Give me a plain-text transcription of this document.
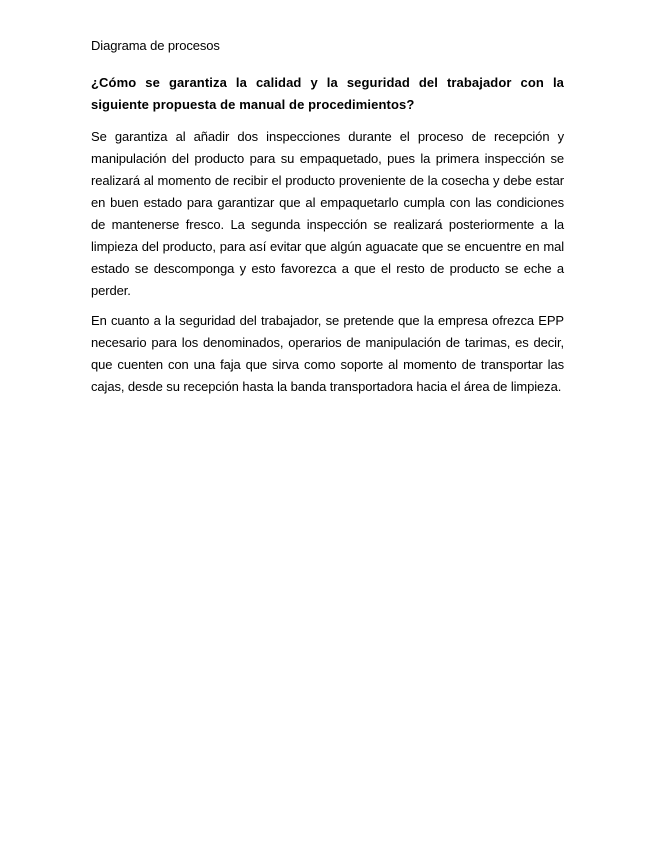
Diagrama de procesos

¿Cómo se garantiza la calidad y la seguridad del trabajador con la siguiente propuesta de manual de procedimientos?

Se garantiza al añadir dos inspecciones durante el proceso de recepción y manipulación del producto para su empaquetado, pues la primera inspección se realizará al momento de recibir el producto proveniente de la cosecha y debe estar en buen estado para garantizar que al empaquetarlo cumpla con las condiciones de mantenerse fresco. La segunda inspección se realizará posteriormente a la limpieza del producto, para así evitar que algún aguacate que se encuentre en mal estado se descomponga y esto favorezca a que el resto de producto se eche a perder.

En cuanto a la seguridad del trabajador, se pretende que la empresa ofrezca EPP necesario para los denominados, operarios de manipulación de tarimas, es decir, que cuenten con una faja que sirva como soporte al momento de transportar las cajas, desde su recepción hasta la banda transportadora hacia el área de limpieza.
